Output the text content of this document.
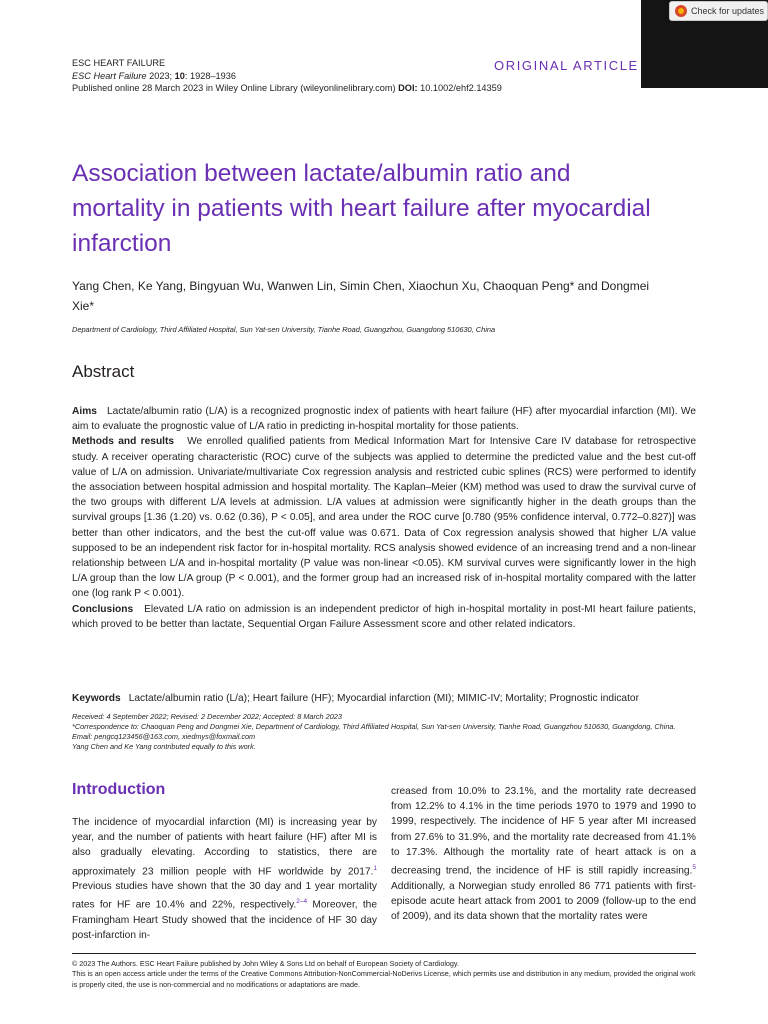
Check for updates
ESC HEART FAILURE
ESC Heart Failure 2023; 10: 1928–1936
Published online 28 March 2023 in Wiley Online Library (wileyonlinelibrary.com) DOI: 10.1002/ehf2.14359
ORIGINAL ARTICLE
Association between lactate/albumin ratio and mortality in patients with heart failure after myocardial infarction
Yang Chen, Ke Yang, Bingyuan Wu, Wanwen Lin, Simin Chen, Xiaochun Xu, Chaoquan Peng* and Dongmei Xie*
Department of Cardiology, Third Affiliated Hospital, Sun Yat-sen University, Tianhe Road, Guangzhou, Guangdong 510630, China
Abstract

Aims Lactate/albumin ratio (L/A) is a recognized prognostic index of patients with heart failure (HF) after myocardial infarction (MI). We aim to evaluate the prognostic value of L/A ratio in predicting in-hospital mortality for those patients.

Methods and results We enrolled qualified patients from Medical Information Mart for Intensive Care IV database for retrospective study. A receiver operating characteristic (ROC) curve of the subjects was applied to determine the predicted value and the best cut-off value of L/A on admission. Univariate/multivariate Cox regression analysis and restricted cubic splines (RCS) were performed to identify the association between hospital admission and hospital mortality. The Kaplan–Meier (KM) method was used to draw the survival curve of the two groups with different L/A levels at admission. L/A values at admission were significantly higher in the death groups than the survival groups [1.36 (1.20) vs. 0.62 (0.36), P < 0.05], and area under the ROC curve [0.780 (95% confidence interval, 0.772–0.827)] was better than other indicators, and the best the cut-off value was 0.671. Data of Cox regression analysis showed that higher L/A value supposed to be an independent risk factor for in-hospital mortality. RCS analysis showed evidence of an increasing trend and a non-linear relationship between L/A and in-hospital mortality (P value was non-linear <0.05). KM survival curves were significantly lower in the high L/A group than the low L/A group (P < 0.001), and the former group had an increased risk of in-hospital mortality compared with the latter one (log rank P < 0.001).

Conclusions Elevated L/A ratio on admission is an independent predictor of high in-hospital mortality in post-MI heart failure patients, which proved to be better than lactate, Sequential Organ Failure Assessment score and other related indicators.

Keywords Lactate/albumin ratio (L/a); Heart failure (HF); Myocardial infarction (MI); MIMIC-IV; Mortality; Prognostic indicator
Received: 4 September 2022; Revised: 2 December 2022; Accepted: 8 March 2023
*Correspondence to: Chaoquan Peng and Dongmei Xie, Department of Cardiology, Third Affiliated Hospital, Sun Yat-sen University, Tianhe Road, Guangzhou 510630, Guangdong, China. Email: pengcq123456@163.com, xiedmys@foxmail.com
Yang Chen and Ke Yang contributed equally to this work.
Introduction
The incidence of myocardial infarction (MI) is increasing year by year, and the number of patients with heart failure (HF) after MI is also gradually elevating. According to statistics, there are approximately 23 million people with HF worldwide by 2017.$^1$ Previous studies have shown that the 30 day and 1 year mortality rates for HF are 10.4% and 22%, respectively.$^{2-4}$ Moreover, the Framingham Heart Study showed that the incidence of HF 30 day post-infarction in-
creased from 10.0% to 23.1%, and the mortality rate decreased from 12.2% to 4.1% in the time periods 1970 to 1979 and 1990 to 1999, respectively. The incidence of HF 5 year after MI increased from 27.6% to 31.9%, and the mortality rate decreased from 41.1% to 17.3%. Although the mortality rate of heart attack is on a decreasing trend, the incidence of HF is still rapidly increasing.$^5$ Additionally, a Norwegian study enrolled 86 771 patients with first-episode acute heart attack from 2001 to 2009 (follow-up to the end of 2009), and its data shown that the mortality rates were
© 2023 The Authors. ESC Heart Failure published by John Wiley & Sons Ltd on behalf of European Society of Cardiology.
This is an open access article under the terms of the Creative Commons Attribution-NonCommercial-NoDerivs License, which permits use and distribution in any medium, provided the original work is properly cited, the use is non-commercial and no modifications or adaptations are made.
